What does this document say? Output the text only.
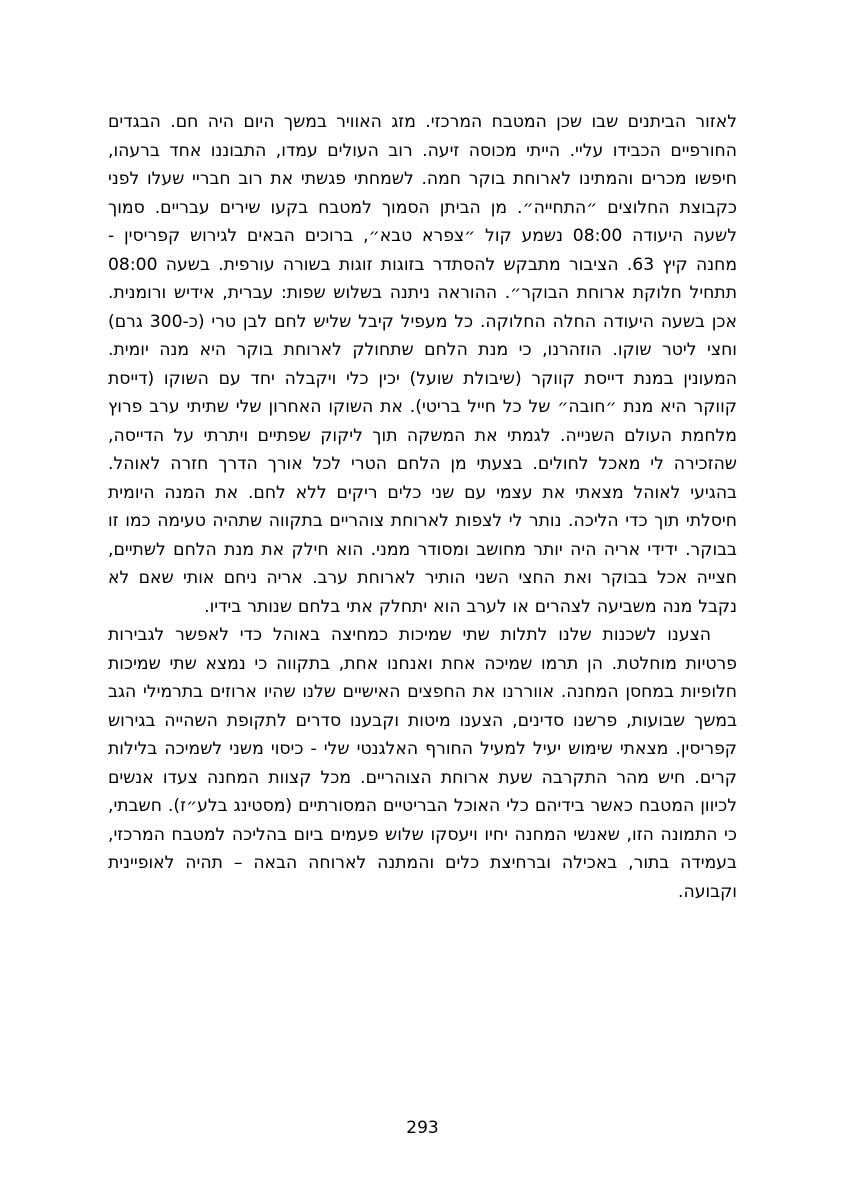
לאזור הביתנים שבו שכן המטבח המרכזי. מזג האוויר במשך היום היה חם. הבגדים החורפיים הכבידו עליי. הייתי מכוסה זיעה. רוב העולים עמדו, התבוננו אחד ברעהו, חיפשו מכרים והמתינו לארוחת בוקר חמה. לשמחתי פגשתי את רוב חבריי שעלו לפני כקבוצת החלוצים ״התחייה״. מן הביתן הסמוך למטבח בקעו שירים עבריים. סמוך לשעה היעודה 08:00 נשמע קול ״צפרא טבא״, ברוכים הבאים לגירוש קפריסין - מחנה קיץ 63. הציבור מתבקש להסתדר בזוגות זוגות בשורה עורפית. בשעה 08:00 תתחיל חלוקת ארוחת הבוקר״. ההוראה ניתנה בשלוש שפות: עברית, אידיש ורומנית. אכן בשעה היעודה החלה החלוקה. כל מעפיל קיבל שליש לחם לבן טרי (כ-300 גרם) וחצי ליטר שוקו. הוזהרנו, כי מנת הלחם שתחולק לארוחת בוקר היא מנה יומית. המעונין במנת דייסת קווקר (שיבולת שועל) יכין כלי ויקבלה יחד עם השוקו (דייסת קווקר היא מנת ״חובה״ של כל חייל בריטי). את השוקו האחרון שלי שתיתי ערב פרוץ מלחמת העולם השנייה. לגמתי את המשקה תוך ליקוק שפתיים ויתרתי על הדייסה, שהזכירה לי מאכל לחולים. בצעתי מן הלחם הטרי לכל אורך הדרך חזרה לאוהל. בהגיעי לאוהל מצאתי את עצמי עם שני כלים ריקים ללא לחם. את המנה היומית חיסלתי תוך כדי הליכה. נותר לי לצפות לארוחת צוהריים בתקווה שתהיה טעימה כמו זו בבוקר. ידידי אריה היה יותר מחושב ומסודר ממני. הוא חילק את מנת הלחם לשתיים, חצייה אכל בבוקר ואת החצי השני הותיר לארוחת ערב. אריה ניחם אותי שאם לא נקבל מנה משביעה לצהרים או לערב הוא יתחלק אתי בלחם שנותר בידיו.

הצענו לשכנות שלנו לתלות שתי שמיכות כמחיצה באוהל כדי לאפשר לגבירות פרטיות מוחלטת. הן תרמו שמיכה אחת ואנחנו אחת, בתקווה כי נמצא שתי שמיכות חלופיות במחסן המחנה. אווררנו את החפצים האישיים שלנו שהיו ארוזים בתרמילי הגב במשך שבועות, פרשנו סדינים, הצענו מיטות וקבענו סדרים לתקופת השהייה בגירוש קפריסין. מצאתי שימוש יעיל למעיל החורף האלגנטי שלי - כיסוי משני לשמיכה בלילות קרים. חיש מהר התקרבה שעת ארוחת הצוהריים. מכל קצוות המחנה צעדו אנשים לכיוון המטבח כאשר בידיהם כלי האוכל הבריטיים המסורתיים (מסטינג בלע״ז). חשבתי, כי התמונה הזו, שאנשי המחנה יחיו ויעסקו שלוש פעמים ביום בהליכה למטבח המרכזי, בעמידה בתור, באכילה וברחיצת כלים והמתנה לארוחה הבאה – תהיה לאופיינית וקבועה.

293
